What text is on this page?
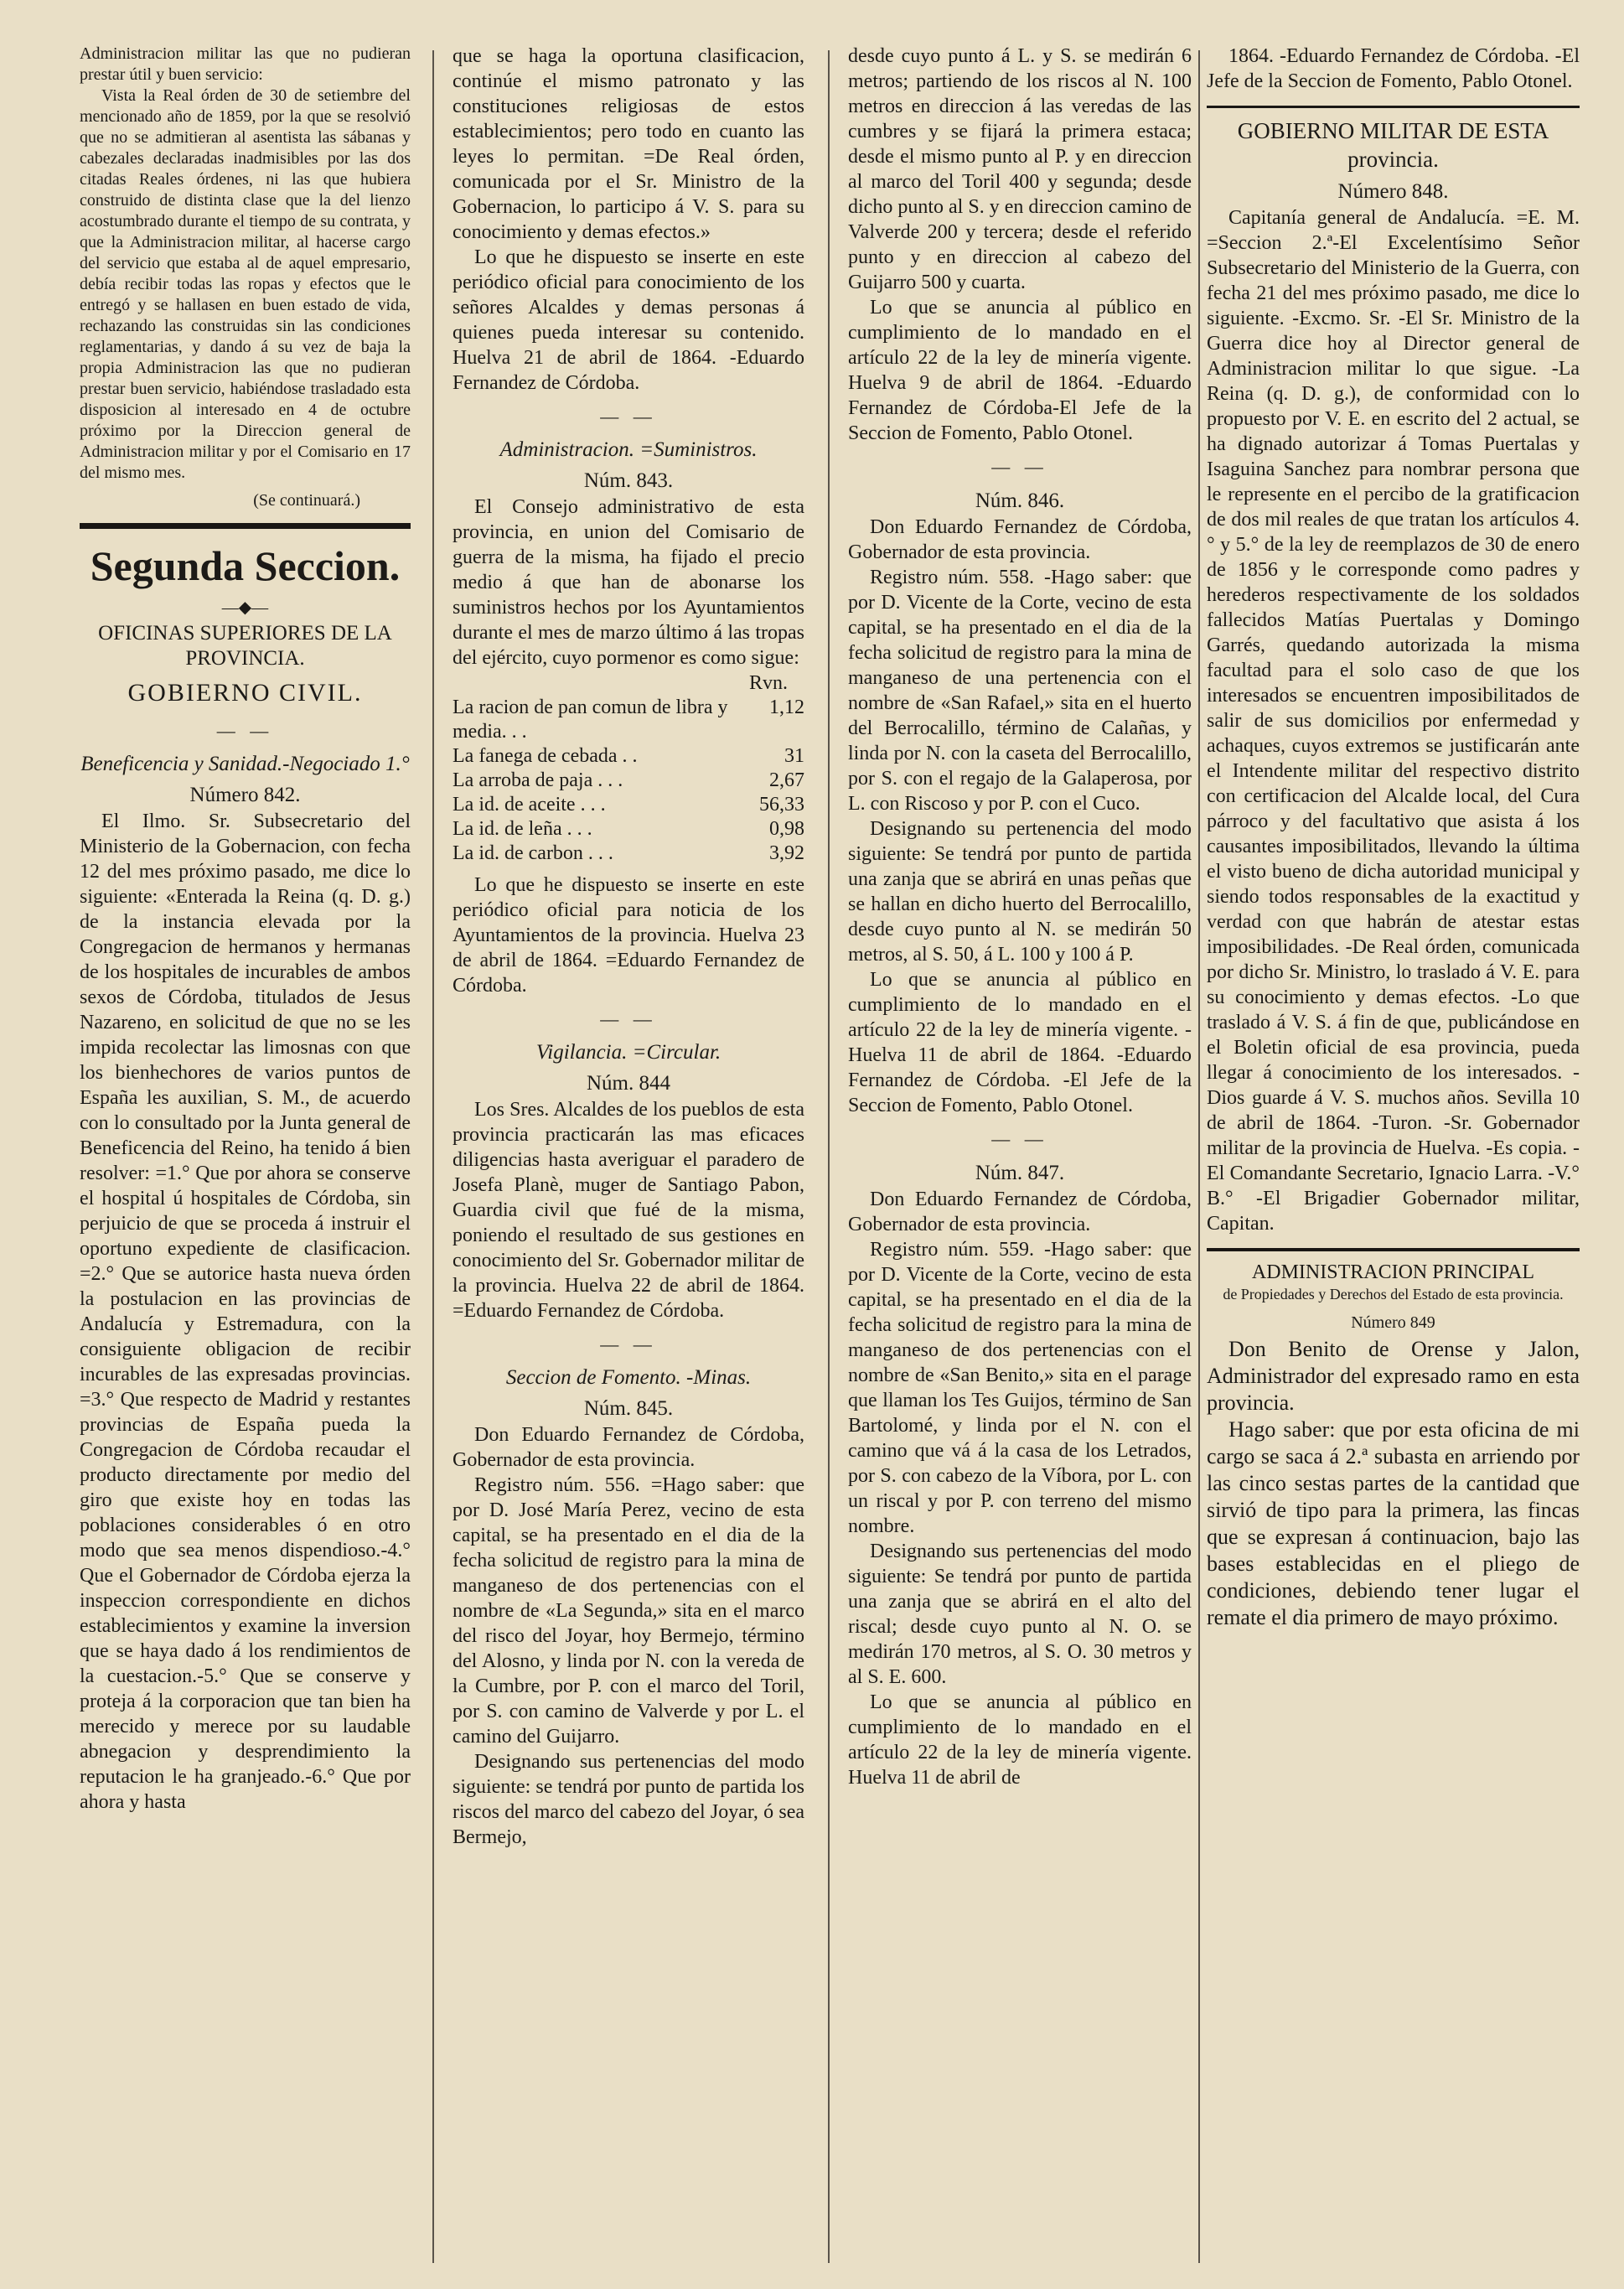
Administracion militar las que no pudieran prestar útil y buen servicio:

Vista la Real órden de 30 de setiembre del mencionado año de 1859, por la que se resolvió que no se admitieran al asentista las sábanas y cabezales declaradas inadmisibles por las dos citadas Reales órdenes, ni las que hubiera construido de distinta clase que la del lienzo acostumbrado durante el tiempo de su contrata, y que la Administracion militar, al hacerse cargo del servicio que estaba al de aquel empresario, debía recibir todas las ropas y efectos que le entregó y se hallasen en buen estado de vida, rechazando las construidas sin las condiciones reglamentarias, y dando á su vez de baja la propia Administracion las que no pudieran prestar buen servicio, habiéndose trasladado esta disposicion al interesado en 4 de octubre próximo por la Direccion general de Administracion militar y por el Comisario en 17 del mismo mes.

(Se continuará.)

Segunda Seccion.
—◆—
OFICINAS SUPERIORES DE LA PROVINCIA.
GOBIERNO CIVIL.
— —
Beneficencia y Sanidad.-Negociado 1.°
Número 842.

El Ilmo. Sr. Subsecretario del Ministerio de la Gobernacion, con fecha 12 del mes próximo pasado, me dice lo siguiente: «Enterada la Reina (q. D. g.) de la instancia elevada por la Congregacion de hermanos y hermanas de los hospitales de incurables de ambos sexos de Córdoba, titulados de Jesus Nazareno, en solicitud de que no se les impida recolectar las limosnas con que los bienhechores de varios puntos de España les auxilian, S. M., de acuerdo con lo consultado por la Junta general de Beneficencia del Reino, ha tenido á bien resolver: =1.° Que por ahora se conserve el hospital ú hospitales de Córdoba, sin perjuicio de que se proceda á instruir el oportuno expediente de clasificacion. =2.° Que se autorice hasta nueva órden la postulacion en las provincias de Andalucía y Estremadura, con la consiguiente obligacion de recibir incurables de las expresadas provincias. =3.° Que respecto de Madrid y restantes provincias de España pueda la Congregacion de Córdoba recaudar el producto directamente por medio del giro que existe hoy en todas las poblaciones considerables ó en otro modo que sea menos dispendioso.-4.° Que el Gobernador de Córdoba ejerza la inspeccion correspondiente en dichos establecimientos y examine la inversion que se haya dado á los rendimientos de la cuestacion.-5.° Que se conserve y proteja á la corporacion que tan bien ha merecido y merece por su laudable abnegacion y desprendimiento la reputacion le ha granjeado.-6.° Que por ahora y hasta

que se haga la oportuna clasificacion, continúe el mismo patronato y las constituciones religiosas de estos establecimientos; pero todo en cuanto las leyes lo permitan. =De Real órden, comunicada por el Sr. Ministro de la Gobernacion, lo participo á V. S. para su conocimiento y demas efectos.»

Lo que he dispuesto se inserte en este periódico oficial para conocimiento de los señores Alcaldes y demas personas á quienes pueda interesar su contenido. Huelva 21 de abril de 1864. -Eduardo Fernandez de Córdoba.

— —
Administracion. =Suministros.
Núm. 843.

El Consejo administrativo de esta provincia, en union del Comisario de guerra de la misma, ha fijado el precio medio á que han de abonarse los suministros hechos por los Ayuntamientos durante el mes de marzo último á las tropas del ejército, cuyo pormenor es como sigue:

Rvn.

La racion de pan comun de libra y media. . .
1,12
La fanega de cebada . .	31
La arroba de paja . . .	2,67
La id. de aceite . . .	56,33
La id. de leña . . .	0,98
La id. de carbon . . .	3,92

Lo que he dispuesto se inserte en este periódico oficial para noticia de los Ayuntamientos de la provincia. Huelva 23 de abril de 1864. =Eduardo Fernandez de Córdoba.

— —
Vigilancia. =Circular.
Núm. 844

Los Sres. Alcaldes de los pueblos de esta provincia practicarán las mas eficaces diligencias hasta averiguar el paradero de Josefa Planè, muger de Santiago Pabon, Guardia civil que fué de la misma, poniendo el resultado de sus gestiones en conocimiento del Sr. Gobernador militar de la provincia. Huelva 22 de abril de 1864. =Eduardo Fernandez de Córdoba.

— —
Seccion de Fomento. -Minas.
Núm. 845.

Don Eduardo Fernandez de Córdoba, Gobernador de esta provincia.

Registro núm. 556. =Hago saber: que por D. José María Perez, vecino de esta capital, se ha presentado en el dia de la fecha solicitud de registro para la mina de manganeso de dos pertenencias con el nombre de «La Segunda,» sita en el marco del risco del Joyar, hoy Bermejo, término del Alosno, y linda por N. con la vereda de la Cumbre, por P. con el marco del Toril, por S. con camino de Valverde y por L. el camino del Guijarro.

Designando sus pertenencias del modo siguiente: se tendrá por punto de partida los riscos del marco del cabezo del Joyar, ó sea Bermejo,

desde cuyo punto á L. y S. se medirán 6 metros; partiendo de los riscos al N. 100 metros en direccion á las veredas de las cumbres y se fijará la primera estaca; desde el mismo punto al P. y en direccion al marco del Toril 400 y segunda; desde dicho punto al S. y en direccion camino de Valverde 200 y tercera; desde el referido punto y en direccion al cabezo del Guijarro 500 y cuarta.

Lo que se anuncia al público en cumplimiento de lo mandado en el artículo 22 de la ley de minería vigente. Huelva 9 de abril de 1864. -Eduardo Fernandez de Córdoba-El Jefe de la Seccion de Fomento, Pablo Otonel.

— —
Núm. 846.

Don Eduardo Fernandez de Córdoba, Gobernador de esta provincia.

Registro núm. 558. -Hago saber: que por D. Vicente de la Corte, vecino de esta capital, se ha presentado en el dia de la fecha solicitud de registro para la mina de manganeso de una pertenencia con el nombre de «San Rafael,» sita en el huerto del Berrocalillo, término de Calañas, y linda por N. con la caseta del Berrocalillo, por S. con el regajo de la Galaperosa, por L. con Riscoso y por P. con el Cuco.

Designando su pertenencia del modo siguiente: Se tendrá por punto de partida una zanja que se abrirá en unas peñas que se hallan en dicho huerto del Berrocalillo, desde cuyo punto al N. se medirán 50 metros, al S. 50, á L. 100 y 100 á P.

Lo que se anuncia al público en cumplimiento de lo mandado en el artículo 22 de la ley de minería vigente. -Huelva 11 de abril de 1864. -Eduardo Fernandez de Córdoba. -El Jefe de la Seccion de Fomento, Pablo Otonel.

— —
Núm. 847.

Don Eduardo Fernandez de Córdoba, Gobernador de esta provincia.

Registro núm. 559. -Hago saber: que por D. Vicente de la Corte, vecino de esta capital, se ha presentado en el dia de la fecha solicitud de registro para la mina de manganeso de dos pertenencias con el nombre de «San Benito,» sita en el parage que llaman los Tes Guijos, término de San Bartolomé, y linda por el N. con el camino que vá á la casa de los Letrados, por S. con cabezo de la Víbora, por L. con un riscal y por P. con terreno del mismo nombre.

Designando sus pertenencias del modo siguiente: Se tendrá por punto de partida una zanja que se abrirá en el alto del riscal; desde cuyo punto al N. O. se medirán 170 metros, al S. O. 30 metros y al S. E. 600.

Lo que se anuncia al público en cumplimiento de lo mandado en el artículo 22 de la ley de minería vigente. Huelva 11 de abril de

1864. -Eduardo Fernandez de Córdoba. -El Jefe de la Seccion de Fomento, Pablo Otonel.

GOBIERNO MILITAR DE ESTA provincia.
Número 848.

Capitanía general de Andalucía. =E. M. =Seccion 2.ª-El Excelentísimo Señor Subsecretario del Ministerio de la Guerra, con fecha 21 del mes próximo pasado, me dice lo siguiente. -Excmo. Sr. -El Sr. Ministro de la Guerra dice hoy al Director general de Administracion militar lo que sigue. -La Reina (q. D. g.), de conformidad con lo propuesto por V. E. en escrito del 2 actual, se ha dignado autorizar á Tomas Puertalas y Isaguina Sanchez para nombrar persona que le represente en el percibo de la gratificacion de dos mil reales de que tratan los artículos 4.° y 5.° de la ley de reemplazos de 30 de enero de 1856 y le corresponde como padres y herederos respectivamente de los soldados fallecidos Matías Puertalas y Domingo Garrés, quedando autorizada la misma facultad para el solo caso de que los interesados se encuentren imposibilitados de salir de sus domicilios por enfermedad y achaques, cuyos extremos se justificarán ante el Intendente militar del respectivo distrito con certificacion del Alcalde local, del Cura párroco y del facultativo que asista á los causantes imposibilitados, llevando la última el visto bueno de dicha autoridad municipal y siendo todos responsables de la exactitud y verdad con que habrán de atestar estas imposibilidades. -De Real órden, comunicada por dicho Sr. Ministro, lo traslado á V. E. para su conocimiento y demas efectos. -Lo que traslado á V. S. á fin de que, publicándose en el Boletin oficial de esa provincia, pueda llegar á conocimiento de los interesados. -Dios guarde á V. S. muchos años. Sevilla 10 de abril de 1864. -Turon. -Sr. Gobernador militar de la provincia de Huelva. -Es copia. -El Comandante Secretario, Ignacio Larra. -V.° B.° -El Brigadier Gobernador militar, Capitan.

ADMINISTRACION PRINCIPAL
de Propiedades y Derechos del Estado de esta provincia.
Número 849

Don Benito de Orense y Jalon, Administrador del expresado ramo en esta provincia.

Hago saber: que por esta oficina de mi cargo se saca á 2.ª subasta en arriendo por las cinco sestas partes de la cantidad que sirvió de tipo para la primera, las fincas que se expresan á continuacion, bajo las bases establecidas en el pliego de condiciones, debiendo tener lugar el remate el dia primero de mayo próximo.
